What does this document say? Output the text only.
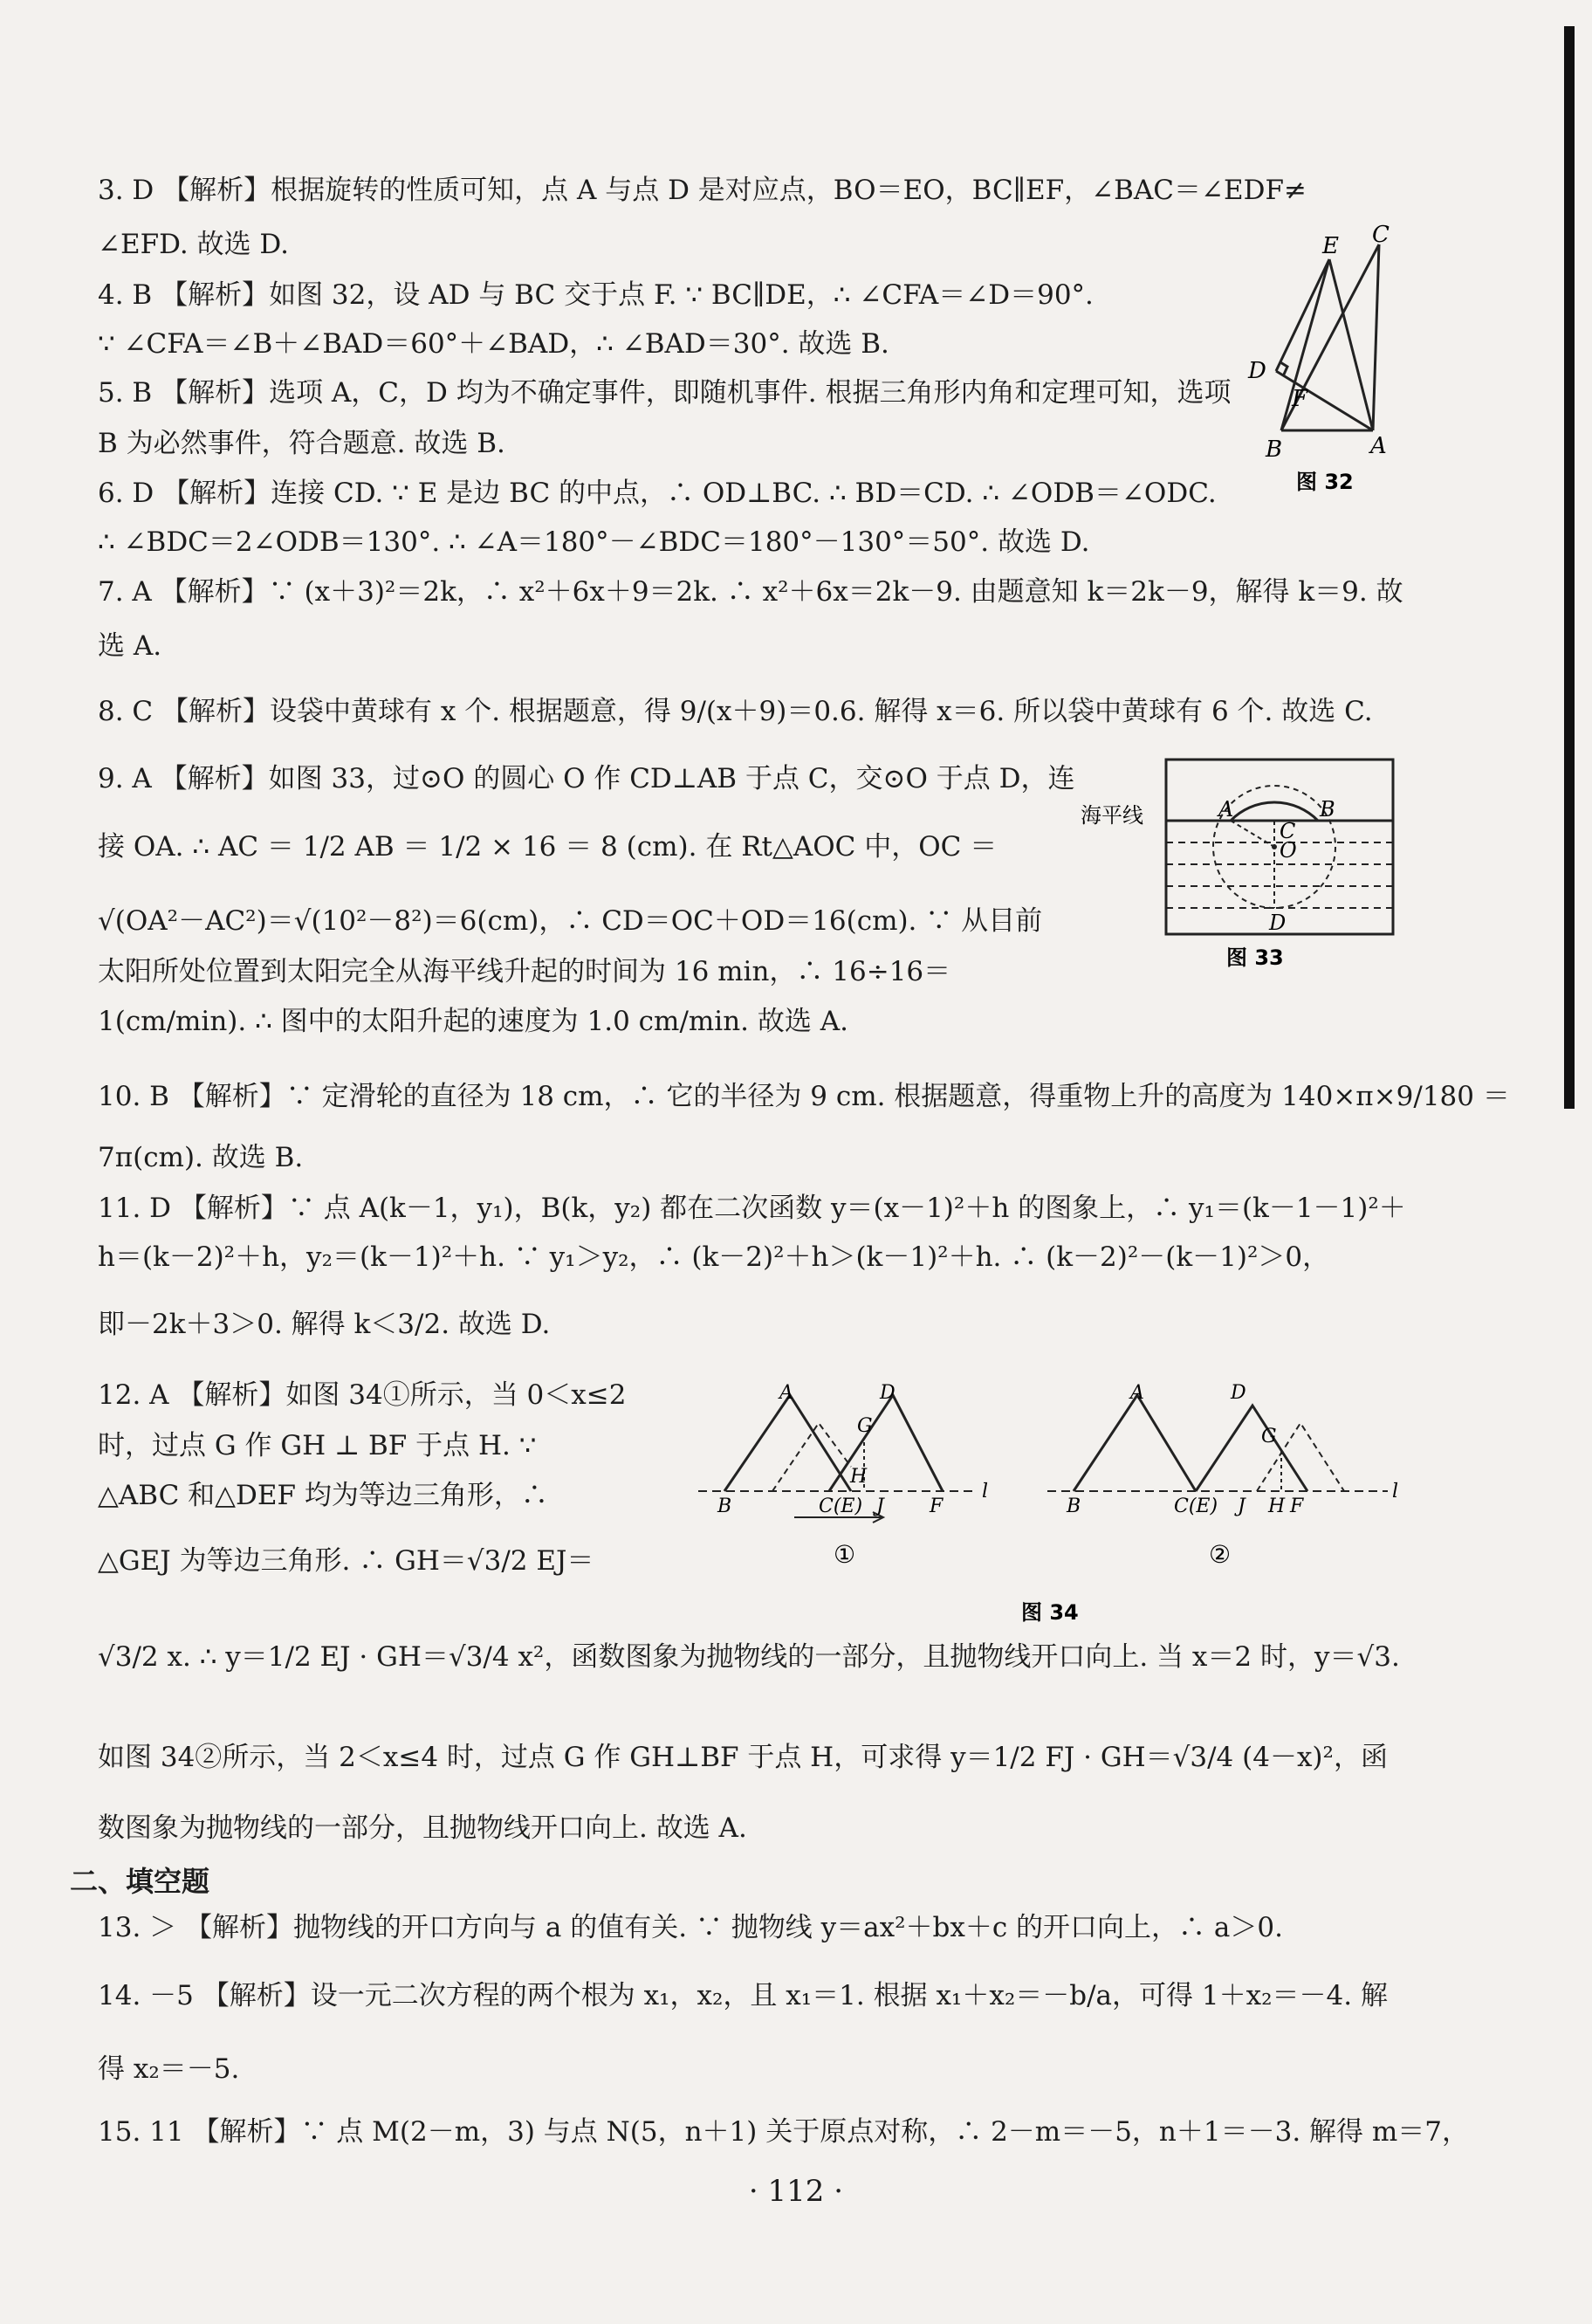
3. D 【解析】根据旋转的性质可知，点 A 与点 D 是对应点，BO＝EO，BC∥EF，∠BAC＝∠EDF≠
∠EFD. 故选 D.
4. B 【解析】如图 32，设 AD 与 BC 交于点 F. ∵ BC∥DE，∴ ∠CFA＝∠D＝90°.
∵ ∠CFA＝∠B＋∠BAD＝60°＋∠BAD，∴ ∠BAD＝30°. 故选 B.
5. B 【解析】选项 A，C，D 均为不确定事件，即随机事件. 根据三角形内角和定理可知，选项
B 为必然事件，符合题意. 故选 B.
6. D 【解析】连接 CD. ∵ E 是边 BC 的中点，∴ OD⊥BC. ∴ BD＝CD. ∴ ∠ODB＝∠ODC.
∴ ∠BDC＝2∠ODB＝130°. ∴ ∠A＝180°－∠BDC＝180°－130°＝50°. 故选 D.
7. A 【解析】∵ (x＋3)²＝2k，∴ x²＋6x＋9＝2k. ∴ x²＋6x＝2k－9. 由题意知 k＝2k－9，解得 k＝9. 故
选 A.
8. C 【解析】设袋中黄球有 x 个. 根据题意，得 9/(x＋9)＝0.6. 解得 x＝6. 所以袋中黄球有 6 个. 故选 C.
9. A 【解析】如图 33，过⊙O 的圆心 O 作 CD⊥AB 于点 C，交⊙O 于点 D，连
接 OA. ∴ AC ＝ 1/2 AB ＝ 1/2 × 16 ＝ 8 (cm). 在 Rt△AOC 中，OC ＝
√(OA²－AC²)＝√(10²－8²)＝6(cm)，∴ CD＝OC＋OD＝16(cm). ∵ 从目前
太阳所处位置到太阳完全从海平线升起的时间为 16 min，∴ 16÷16＝
1(cm/min). ∴ 图中的太阳升起的速度为 1.0 cm/min. 故选 A.
10. B 【解析】∵ 定滑轮的直径为 18 cm，∴ 它的半径为 9 cm. 根据题意，得重物上升的高度为 140×π×9/180 ＝
7π(cm). 故选 B.
11. D 【解析】∵ 点 A(k－1，y₁)，B(k，y₂) 都在二次函数 y＝(x－1)²＋h 的图象上，∴ y₁＝(k－1－1)²＋
h＝(k－2)²＋h，y₂＝(k－1)²＋h. ∵ y₁＞y₂，∴ (k－2)²＋h＞(k－1)²＋h. ∴ (k－2)²－(k－1)²＞0，
即－2k＋3＞0. 解得 k＜3/2. 故选 D.
12. A 【解析】如图 34①所示，当 0＜x≤2
时，过点 G 作 GH ⊥ BF 于点 H. ∵
△ABC 和△DEF 均为等边三角形，∴
△GEJ 为等边三角形. ∴ GH＝√3/2 EJ＝
√3/2 x. ∴ y＝1/2 EJ · GH＝√3/4 x²，函数图象为抛物线的一部分，且抛物线开口向上. 当 x＝2 时，y＝√3.
如图 34②所示，当 2＜x≤4 时，过点 G 作 GH⊥BF 于点 H，可求得 y＝1/2 FJ · GH＝√3/4 (4－x)²，函
数图象为抛物线的一部分，且抛物线开口向上. 故选 A.
二、填空题
13. ＞ 【解析】抛物线的开口方向与 a 的值有关. ∵ 抛物线 y＝ax²＋bx＋c 的开口向上，∴ a＞0.
14. －5 【解析】设一元二次方程的两个根为 x₁，x₂，且 x₁＝1. 根据 x₁＋x₂＝－b/a，可得 1＋x₂＝－4. 解
得 x₂＝－5.
15. 11 【解析】∵ 点 M(2－m，3) 与点 N(5，n＋1) 关于原点对称，∴ 2－m＝－5，n＋1＝－3. 解得 m＝7，
· 112 ·
E C
D
F
B	A
图 32
海平线	A	B
C
O
D
图 33
A	D
G
H
B	C(E) J F
l
①
A	D
G
B	C(E) J H F
l
②
图 34
